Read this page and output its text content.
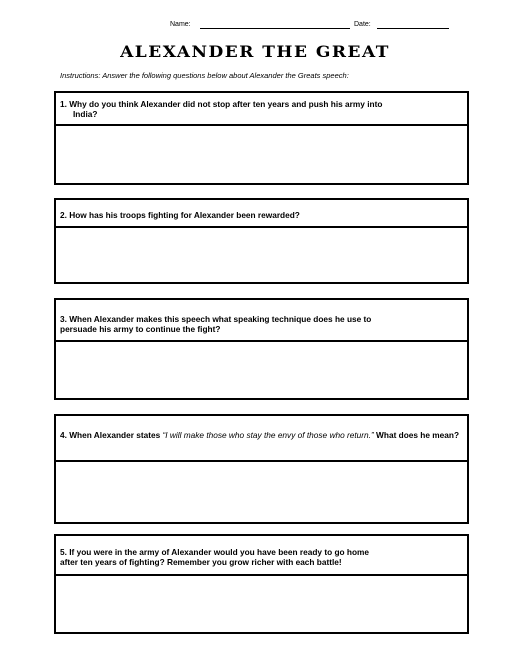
Name:	Date:
ALEXANDER THE GREAT
Instructions: Answer the following questions below about Alexander the Greats speech:
1. Why do you think Alexander did not stop after ten years and push his army into
India?
2. How has his troops fighting for Alexander been rewarded?
3. When Alexander makes this speech what speaking technique does he use to
persuade his army to continue the fight?
4. When Alexander states “I will make those who stay the envy of those who return.” What does he mean?
5. If you were in the army of Alexander would you have been ready to go home
after ten years of fighting? Remember you grow richer with each battle!
